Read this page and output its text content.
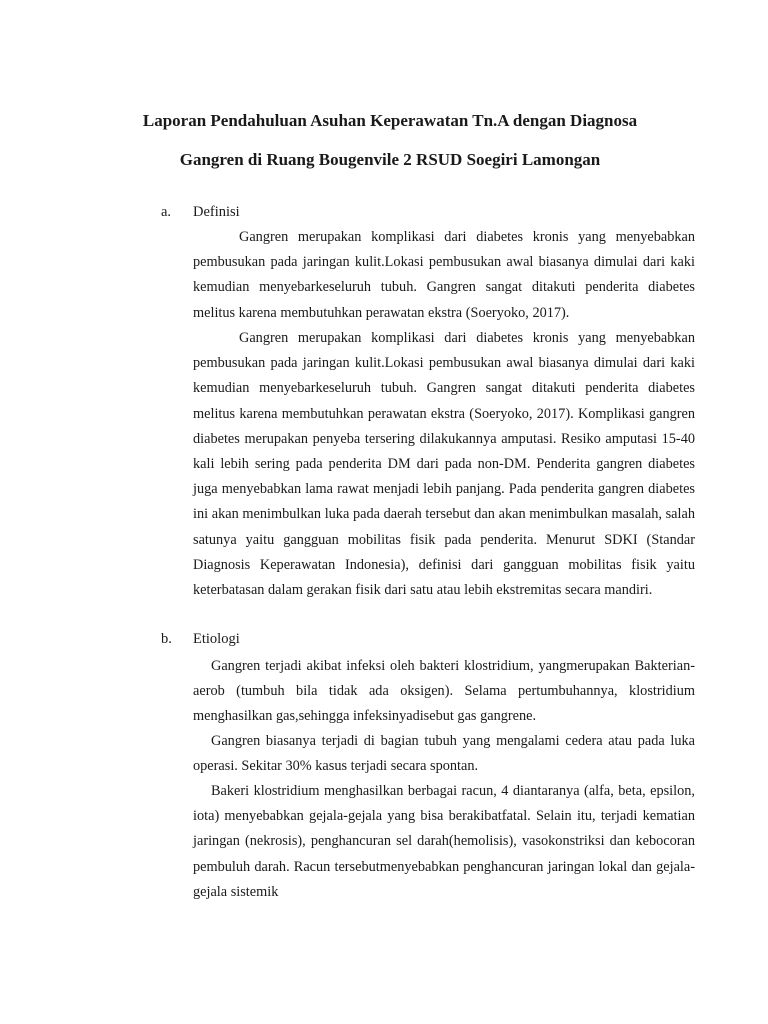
Laporan Pendahuluan Asuhan Keperawatan Tn.A dengan Diagnosa
Gangren di Ruang Bougenvile 2 RSUD Soegiri Lamongan
a. Definisi

Gangren merupakan komplikasi dari diabetes kronis yang menyebabkan pembusukan pada jaringan kulit.Lokasi pembusukan awal biasanya dimulai dari kaki kemudian menyebarkeseluruh tubuh. Gangren sangat ditakuti penderita diabetes melitus karena membutuhkan perawatan ekstra (Soeryoko, 2017).

Gangren merupakan komplikasi dari diabetes kronis yang menyebabkan pembusukan pada jaringan kulit.Lokasi pembusukan awal biasanya dimulai dari kaki kemudian menyebarkeseluruh tubuh. Gangren sangat ditakuti penderita diabetes melitus karena membutuhkan perawatan ekstra (Soeryoko, 2017). Komplikasi gangren diabetes merupakan penyeba tersering dilakukannya amputasi. Resiko amputasi 15-40 kali lebih sering pada penderita DM dari pada non-DM. Penderita gangren diabetes juga menyebabkan lama rawat menjadi lebih panjang. Pada penderita gangren diabetes ini akan menimbulkan luka pada daerah tersebut dan akan menimbulkan masalah, salah satunya yaitu gangguan mobilitas fisik pada penderita. Menurut SDKI (Standar Diagnosis Keperawatan Indonesia), definisi dari gangguan mobilitas fisik yaitu keterbatasan dalam gerakan fisik dari satu atau lebih ekstremitas secara mandiri.

b. Etiologi

Gangren terjadi akibat infeksi oleh bakteri klostridium, yangmerupakan Bakterian- aerob (tumbuh bila tidak ada oksigen). Selama pertumbuhannya, klostridium menghasilkan gas,sehingga infeksinyadisebut gas gangrene.

Gangren biasanya terjadi di bagian tubuh yang mengalami cedera atau pada luka operasi. Sekitar 30% kasus terjadi secara spontan.

Bakeri klostridium menghasilkan berbagai racun, 4 diantaranya (alfa, beta, epsilon, iota) menyebabkan gejala-gejala yang bisa berakibatfatal. Selain itu, terjadi kematian jaringan (nekrosis), penghancuran sel darah(hemolisis), vasokonstriksi dan kebocoran pembuluh darah. Racun tersebutmenyebabkan penghancuran jaringan lokal dan gejala-gejala sistemik
